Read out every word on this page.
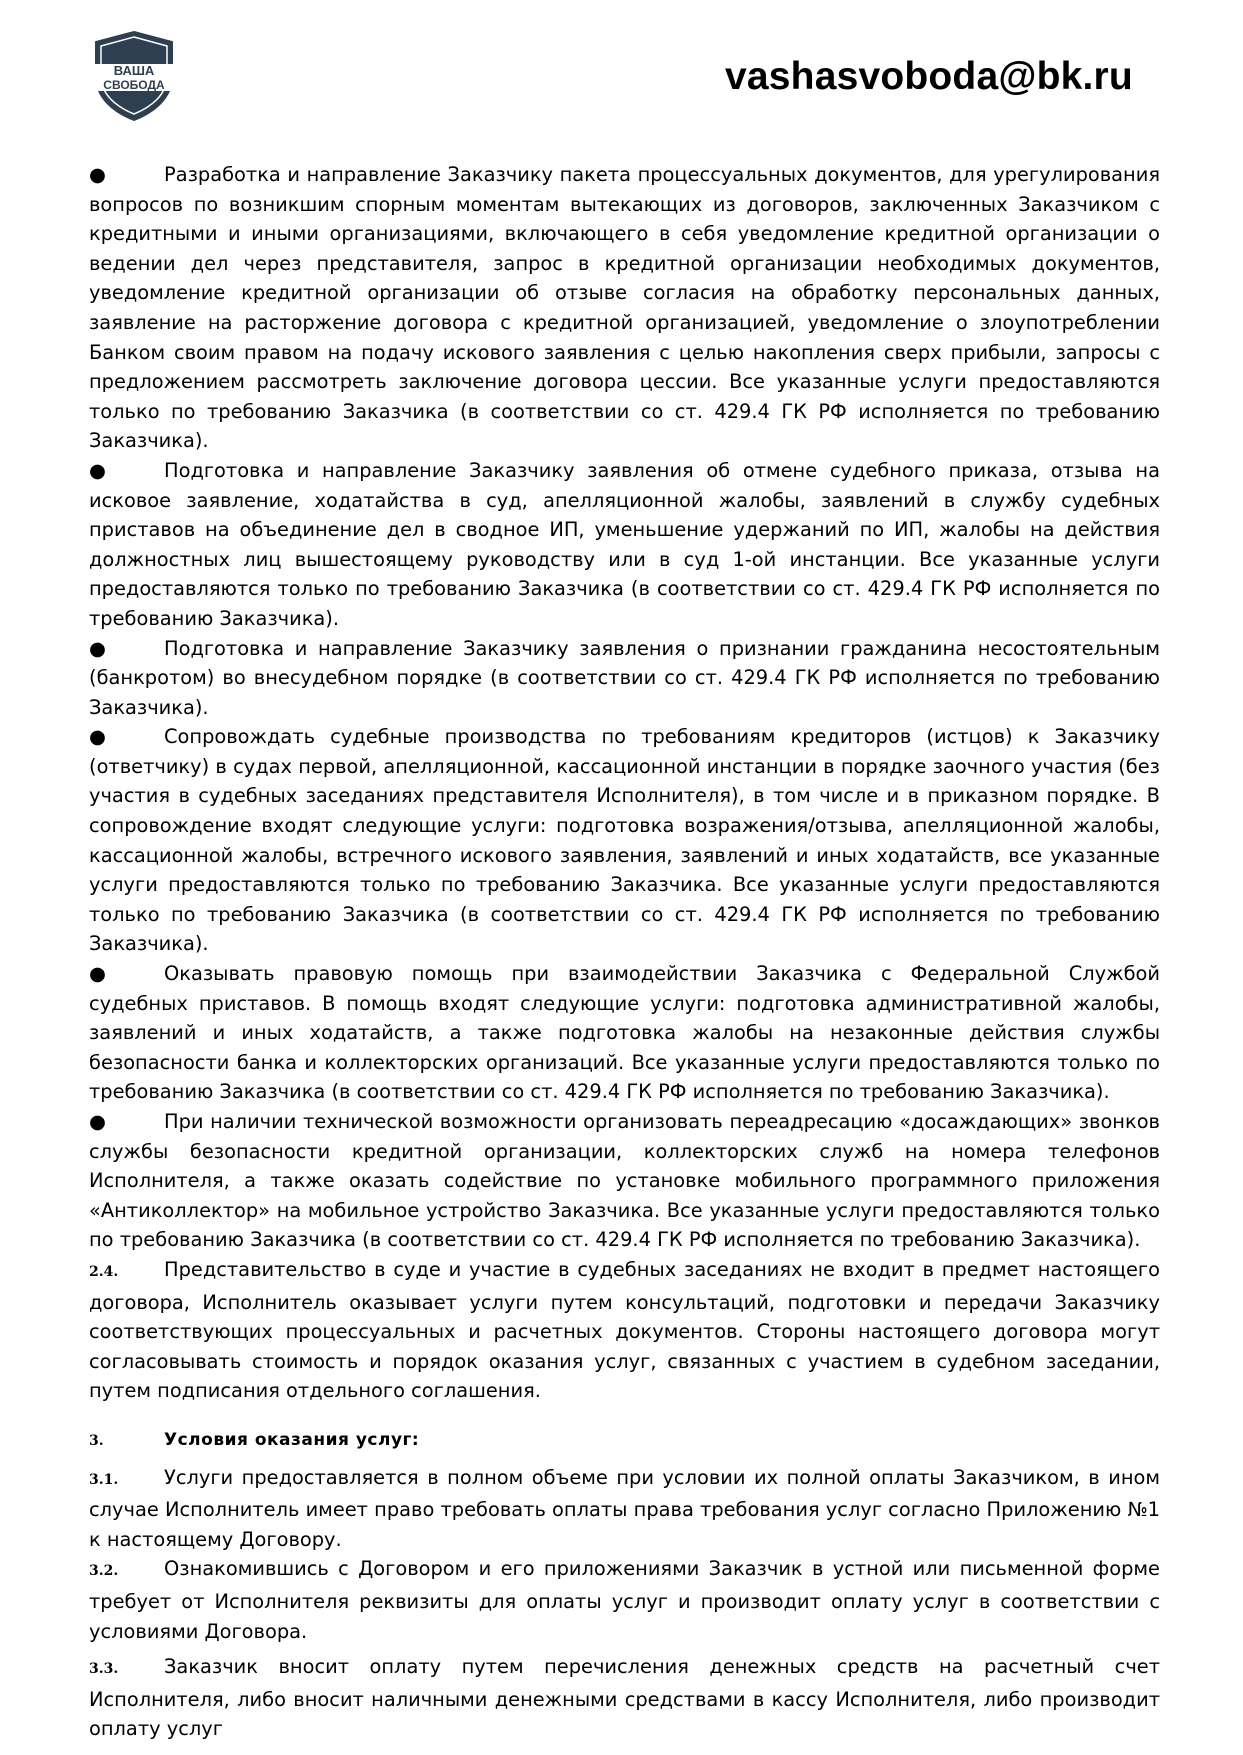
ВАША
СВОБОДА	vashasvoboda@bk.ru

●	Разработка и направление Заказчику пакета процессуальных документов, для урегулирования вопросов по возникшим спорным моментам вытекающих из договоров, заключенных Заказчиком с кредитными и иными организациями, включающего в себя уведомление кредитной организации о ведении дел через представителя, запрос в кредитной организации необходимых документов, уведомление кредитной организации об отзыве согласия на обработку персональных данных, заявление на расторжение договора с кредитной организацией, уведомление о злоупотреблении Банком своим правом на подачу искового заявления с целью накопления сверх прибыли, запросы с предложением рассмотреть заключение договора цессии. Все указанные услуги предоставляются только по требованию Заказчика (в соответствии со ст. 429.4 ГК РФ исполняется по требованию Заказчика).

●	Подготовка и направление Заказчику заявления об отмене судебного приказа, отзыва на исковое заявление, ходатайства в суд, апелляционной жалобы, заявлений в службу судебных приставов на объединение дел в сводное ИП, уменьшение удержаний по ИП, жалобы на действия должностных лиц вышестоящему руководству или в суд 1-ой инстанции. Все указанные услуги предоставляются только по требованию Заказчика (в соответствии со ст. 429.4 ГК РФ исполняется по требованию Заказчика).

●	Подготовка и направление Заказчику заявления о признании гражданина несостоятельным (банкротом) во внесудебном порядке (в соответствии со ст. 429.4 ГК РФ исполняется по требованию Заказчика).

●	Сопровождать судебные производства по требованиям кредиторов (истцов) к Заказчику (ответчику) в судах первой, апелляционной, кассационной инстанции в порядке заочного участия (без участия в судебных заседаниях представителя Исполнителя), в том числе и в приказном порядке. В сопровождение входят следующие услуги: подготовка возражения/отзыва, апелляционной жалобы, кассационной жалобы, встречного искового заявления, заявлений и иных ходатайств, все указанные услуги предоставляются только по требованию Заказчика. Все указанные услуги предоставляются только по требованию Заказчика (в соответствии со ст. 429.4 ГК РФ исполняется по требованию Заказчика).

●	Оказывать правовую помощь при взаимодействии Заказчика с Федеральной Службой судебных приставов. В помощь входят следующие услуги: подготовка административной жалобы, заявлений и иных ходатайств, а также подготовка жалобы на незаконные действия службы безопасности банка и коллекторских организаций. Все указанные услуги предоставляются только по требованию Заказчика (в соответствии со ст. 429.4 ГК РФ исполняется по требованию Заказчика).

●	При наличии технической возможности организовать переадресацию «досаждающих» звонков службы безопасности кредитной организации, коллекторских служб на номера телефонов Исполнителя, а также оказать содействие по установке мобильного программного приложения «Антиколлектор» на мобильное устройство Заказчика. Все указанные услуги предоставляются только по требованию Заказчика (в соответствии со ст. 429.4 ГК РФ исполняется по требованию Заказчика).

2.4. Представительство в суде и участие в судебных заседаниях не входит в предмет настоящего договора, Исполнитель оказывает услуги путем консультаций, подготовки и передачи Заказчику соответствующих процессуальных и расчетных документов. Стороны настоящего договора могут согласовывать стоимость и порядок оказания услуг, связанных с участием в судебном заседании, путем подписания отдельного соглашения.

3.	Условия оказания услуг:

3.1. Услуги предоставляется в полном объеме при условии их полной оплаты Заказчиком, в ином случае Исполнитель имеет право требовать оплаты права требования услуг согласно Приложению №1 к настоящему Договору.

3.2. Ознакомившись с Договором и его приложениями Заказчик в устной или письменной форме требует от Исполнителя реквизиты для оплаты услуг и производит оплату услуг в соответствии с условиями Договора.

3.3. Заказчик вносит оплату путем перечисления денежных средств на расчетный счет Исполнителя, либо вносит наличными денежными средствами в кассу Исполнителя, либо производит оплату услуг
